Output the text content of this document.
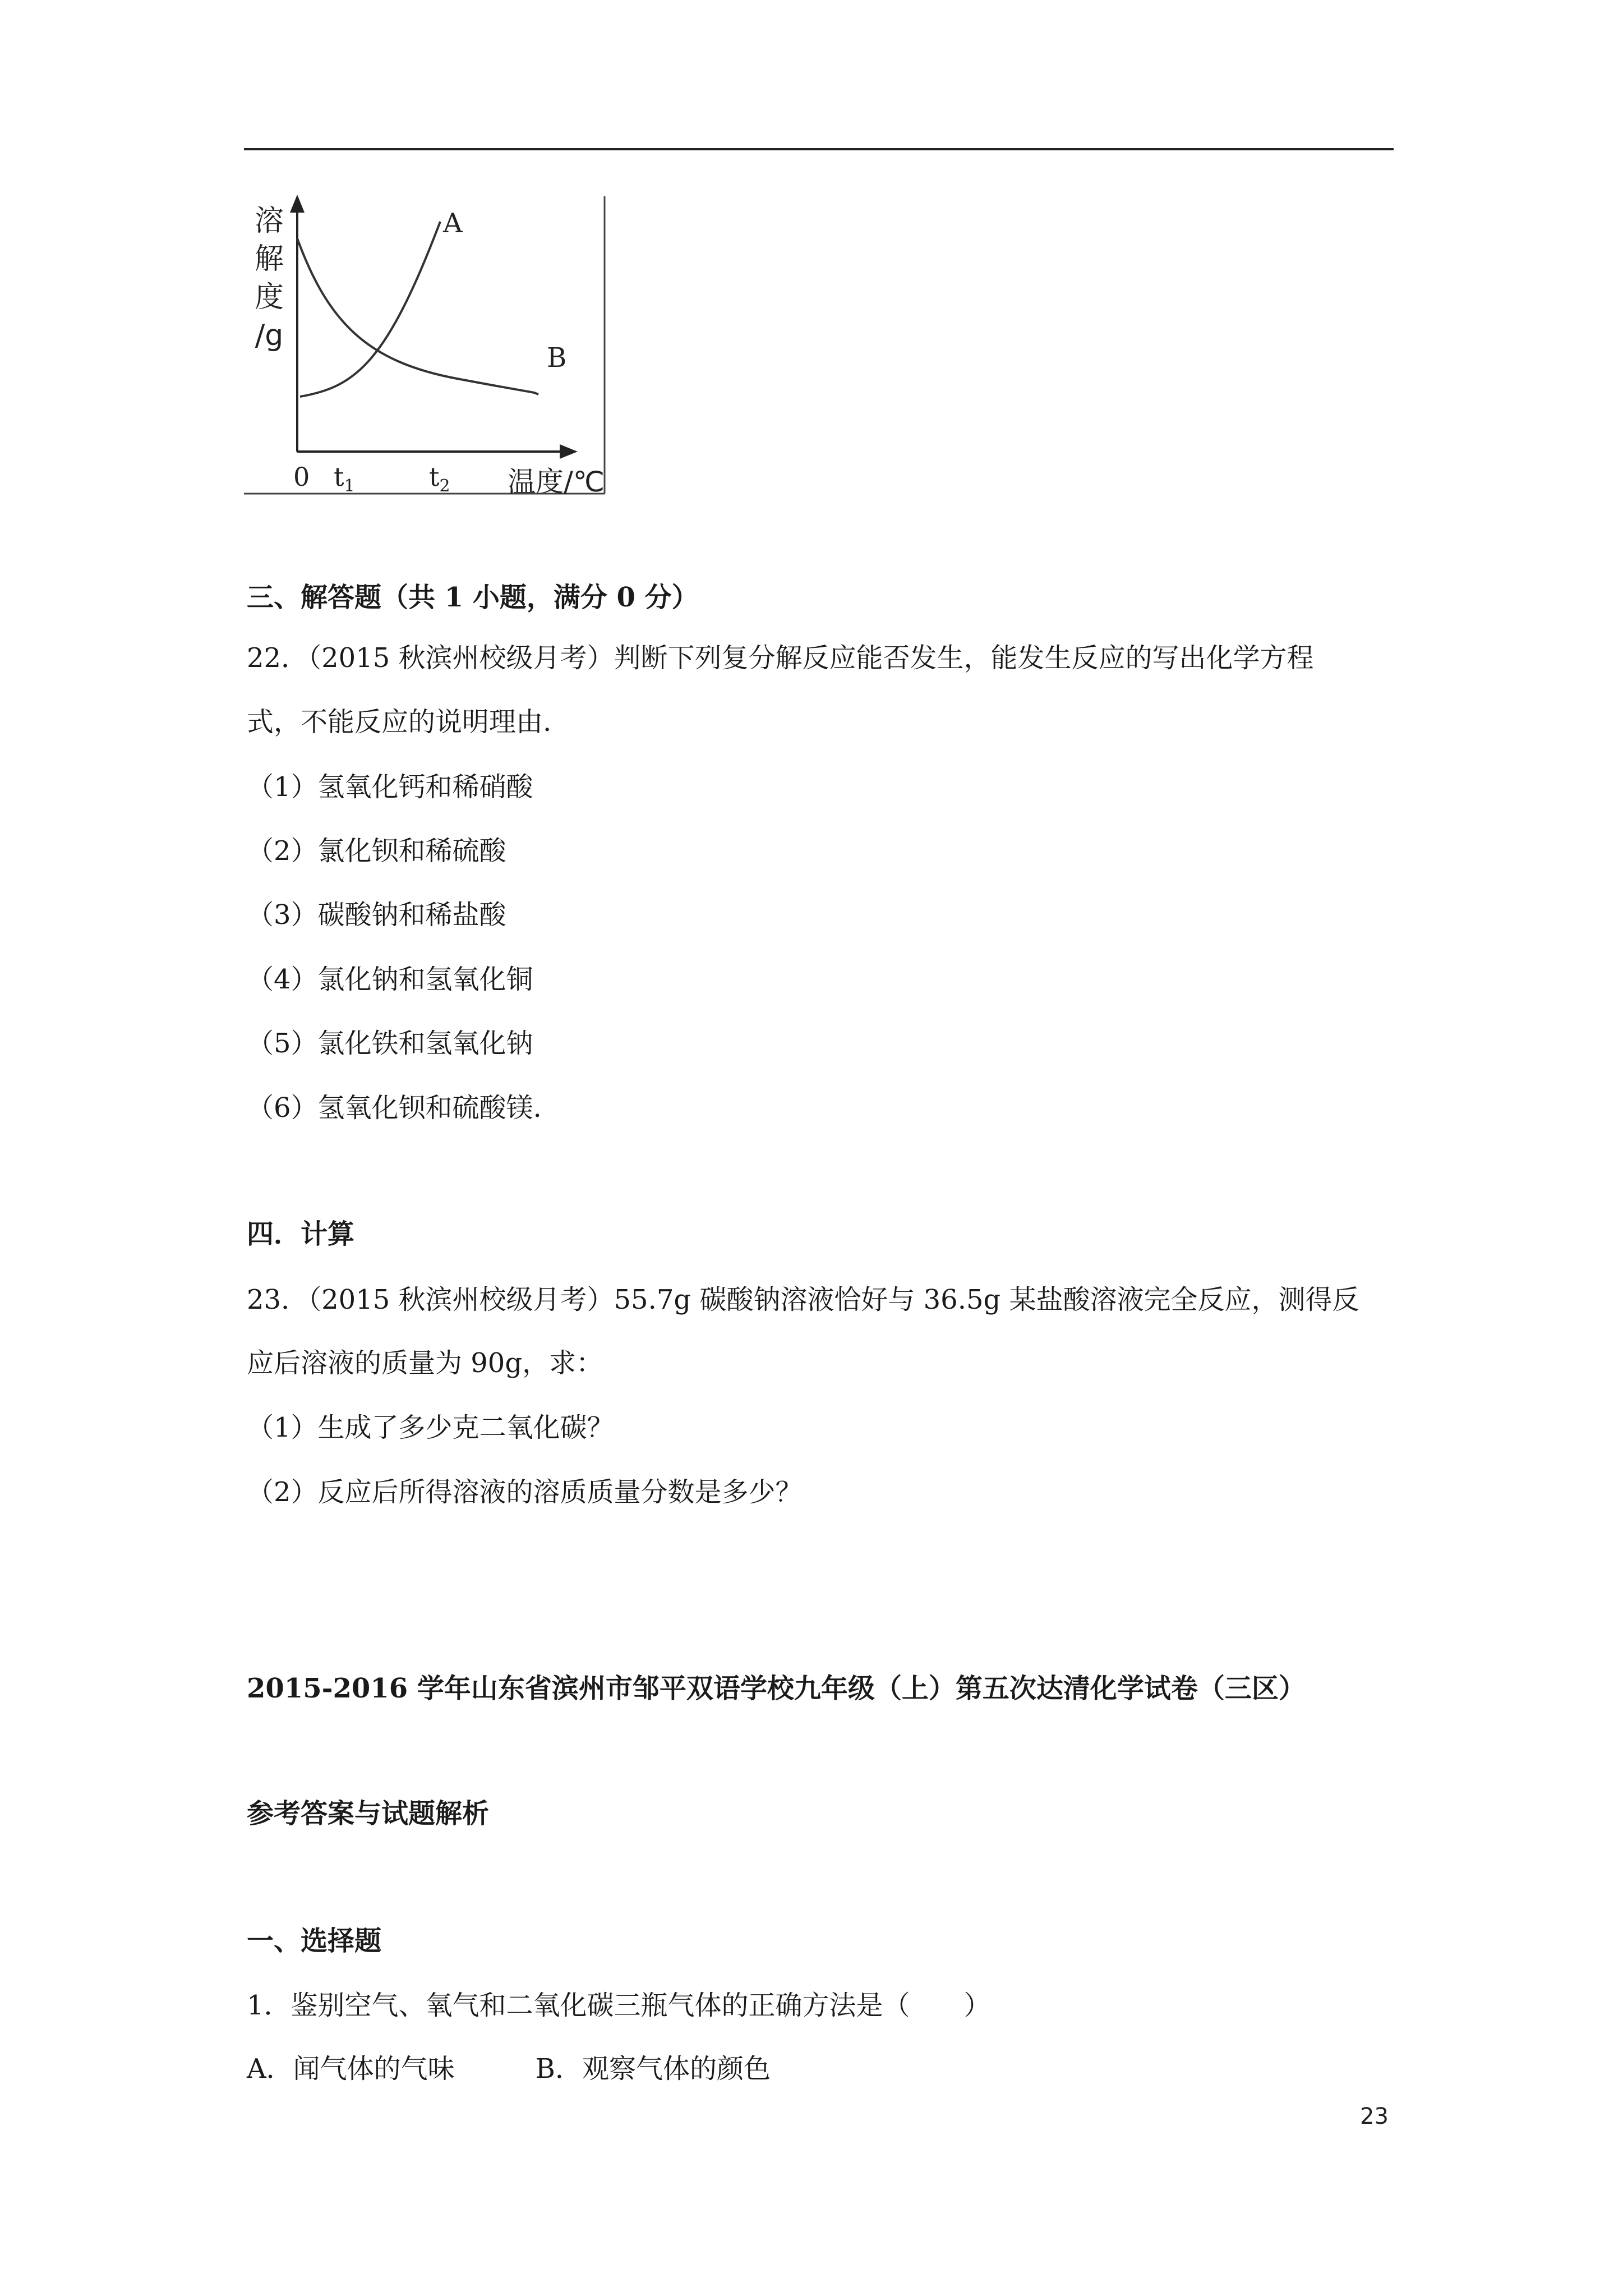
溶
解
度
/g
A
B
0 $t_1$	$t_2$ 温度/℃
三、解答题（共 1 小题，满分 0 分）
22．（2015 秋滨州校级月考）判断下列复分解反应能否发生，能发生反应的写出化学方程
式，不能反应的说明理由.
（1）氢氧化钙和稀硝酸
（2）氯化钡和稀硫酸
（3）碳酸钠和稀盐酸
（4）氯化钠和氢氧化铜
（5）氯化铁和氢氧化钠
（6）氢氧化钡和硫酸镁.
四．计算
23．（2015 秋滨州校级月考）55.7g 碳酸钠溶液恰好与 36.5g 某盐酸溶液完全反应，测得反
应后溶液的质量为 90g，求：
（1）生成了多少克二氧化碳？
（2）反应后所得溶液的溶质质量分数是多少？
2015-2016 学年山东省滨州市邹平双语学校九年级（上）第五次达清化学试卷（三区）
参考答案与试题解析
一、选择题
1．鉴别空气、氧气和二氧化碳三瓶气体的正确方法是（　　）
A．闻气体的气味　　　B．观察气体的颜色
23
